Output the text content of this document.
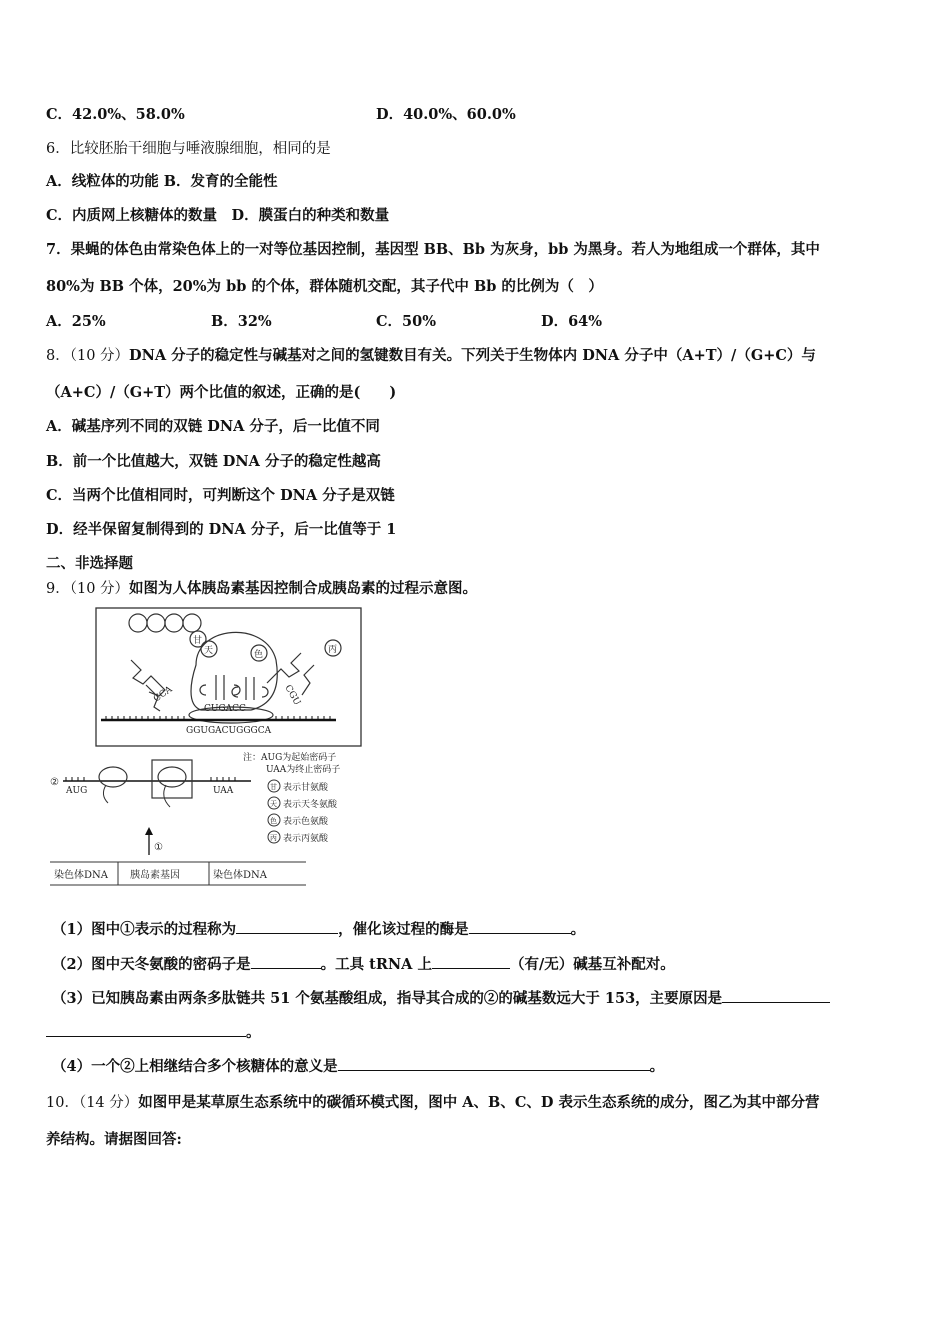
C．42.0%、58.0%	D．40.0%、60.0%
6．比较胚胎干细胞与唾液腺细胞，相同的是
A．线粒体的功能 B．发育的全能性
C．内质网上核糖体的数量　D．膜蛋白的种类和数量
7．果蝇的体色由常染色体上的一对等位基因控制，基因型 BB、Bb 为灰身，bb 为黑身。若人为地组成一个群体，其中
80%为 BB 个体，20%为 bb 的个体，群体随机交配，其子代中 Bb 的比例为（　）
A．25%	B．32%	C．50%	D．64%
8．（10 分）DNA 分子的稳定性与碱基对之间的氢键数目有关。下列关于生物体内 DNA 分子中（A+T）/（G+C）与
（A+C）/（G+T）两个比值的叙述，正确的是(　　)
A．碱基序列不同的双链 DNA 分子，后一比值不同
B．前一个比值越大，双链 DNA 分子的稳定性越高
C．当两个比值相同时，可判断这个 DNA 分子是双链
D．经半保留复制得到的 DNA 分子，后一比值等于 1
二、非选择题
9．（10 分）如图为人体胰岛素基因控制合成胰岛素的过程示意图。
甘
天	色	丙
CCA	CGU
CUGACC
GGUGACUGGGCA
②
AUG	UAA
①
染色体DNA 胰岛素基因	染色体DNA
注：AUG为起始密码子
UAA为终止密码子
甘 表示甘氨酸
天 表示天冬氨酸
色 表示色氨酸
丙 表示丙氨酸
（1）图中①表示的过程称为	，催化该过程的酶是	。
（2）图中天冬氨酸的密码子是	。工具 tRNA 上	（有/无）碱基互补配对。
（3）已知胰岛素由两条多肽链共 51 个氨基酸组成，指导其合成的②的碱基数远大于 153，主要原因是
。
（4）一个②上相继结合多个核糖体的意义是	。
10．（14 分）如图甲是某草原生态系统中的碳循环模式图，图中 A、B、C、D 表示生态系统的成分，图乙为其中部分营
养结构。请据图回答:
